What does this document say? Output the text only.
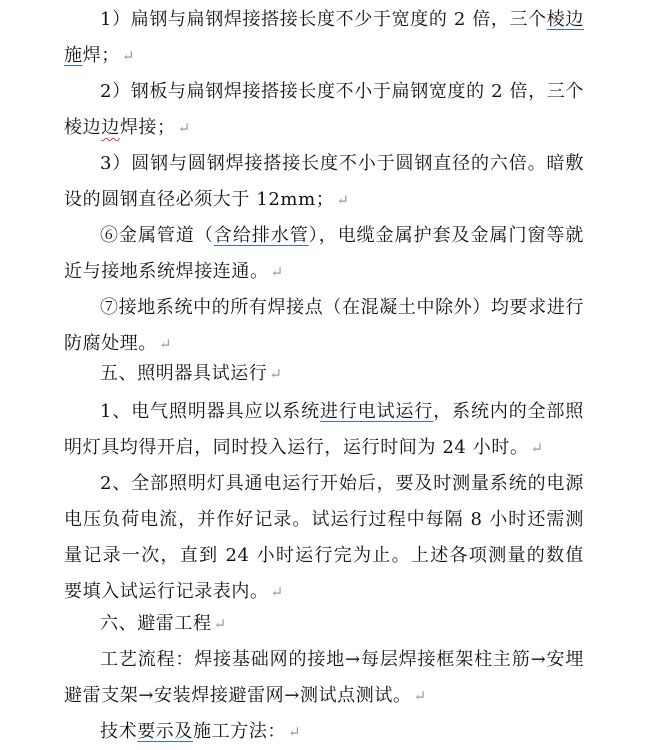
1）扁钢与扁钢焊接搭接长度不少于宽度的 2 倍，三个棱边施焊； ↵
2）钢板与扁钢焊接搭接长度不小于扁钢宽度的 2 倍，三个棱边边焊接； ↵
3）圆钢与圆钢焊接搭接长度不小于圆钢直径的六倍。暗敷设的圆钢直径必须大于 12mm； ↵
⑥金属管道（含给排水管），电缆金属护套及金属门窗等就近与接地系统焊接连通。 ↵
⑦接地系统中的所有焊接点（在混凝土中除外）均要求进行防腐处理。 ↵
五、照明器具试运行 ↵
1、电气照明器具应以系统进行电试运行，系统内的全部照明灯具均得开启，同时投入运行，运行时间为 24 小时。 ↵
2、全部照明灯具通电运行开始后，要及时测量系统的电源电压负荷电流，并作好记录。试运行过程中每隔 8 小时还需测量记录一次，直到 24 小时运行完为止。上述各项测量的数值要填入试运行记录表内。 ↵
六、避雷工程 ↵
工艺流程：焊接基础网的接地→每层焊接框架柱主筋→安埋避雷支架→安装焊接避雷网→测试点测试。 ↵
技术要示及施工方法： ↵
